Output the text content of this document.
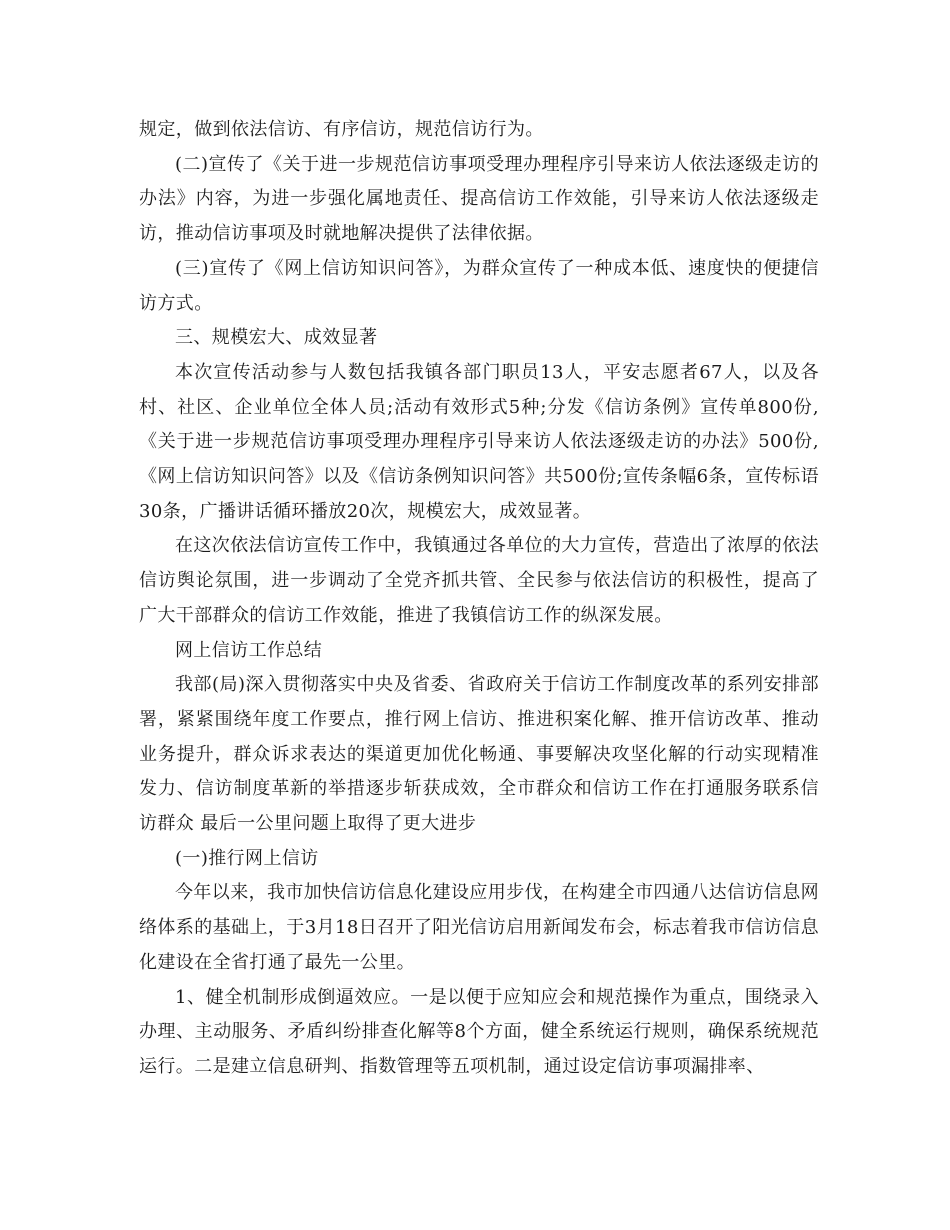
规定，做到依法信访、有序信访，规范信访行为。

(二)宣传了《关于进一步规范信访事项受理办理程序引导来访人依法逐级走访的办法》内容，为进一步强化属地责任、提高信访工作效能，引导来访人依法逐级走访，推动信访事项及时就地解决提供了法律依据。

(三)宣传了《网上信访知识问答》，为群众宣传了一种成本低、速度快的便捷信访方式。

三、规模宏大、成效显著

本次宣传活动参与人数包括我镇各部门职员13人，平安志愿者67人，以及各村、社区、企业单位全体人员;活动有效形式5种;分发《信访条例》宣传单800份,《关于进一步规范信访事项受理办理程序引导来访人依法逐级走访的办法》500份,《网上信访知识问答》以及《信访条例知识问答》共500份;宣传条幅6条，宣传标语30条，广播讲话循环播放20次，规模宏大，成效显著。

在这次依法信访宣传工作中，我镇通过各单位的大力宣传，营造出了浓厚的依法信访舆论氛围，进一步调动了全党齐抓共管、全民参与依法信访的积极性，提高了广大干部群众的信访工作效能，推进了我镇信访工作的纵深发展。

网上信访工作总结

我部(局)深入贯彻落实中央及省委、省政府关于信访工作制度改革的系列安排部署，紧紧围绕年度工作要点，推行网上信访、推进积案化解、推开信访改革、推动业务提升，群众诉求表达的渠道更加优化畅通、事要解决攻坚化解的行动实现精准发力、信访制度革新的举措逐步斩获成效，全市群众和信访工作在打通服务联系信访群众 最后一公里问题上取得了更大进步

(一)推行网上信访

今年以来，我市加快信访信息化建设应用步伐，在构建全市四通八达信访信息网络体系的基础上，于3月18日召开了阳光信访启用新闻发布会，标志着我市信访信息化建设在全省打通了最先一公里。

1、健全机制形成倒逼效应。一是以便于应知应会和规范操作为重点，围绕录入办理、主动服务、矛盾纠纷排查化解等8个方面，健全系统运行规则，确保系统规范运行。二是建立信息研判、指数管理等五项机制，通过设定信访事项漏排率、
